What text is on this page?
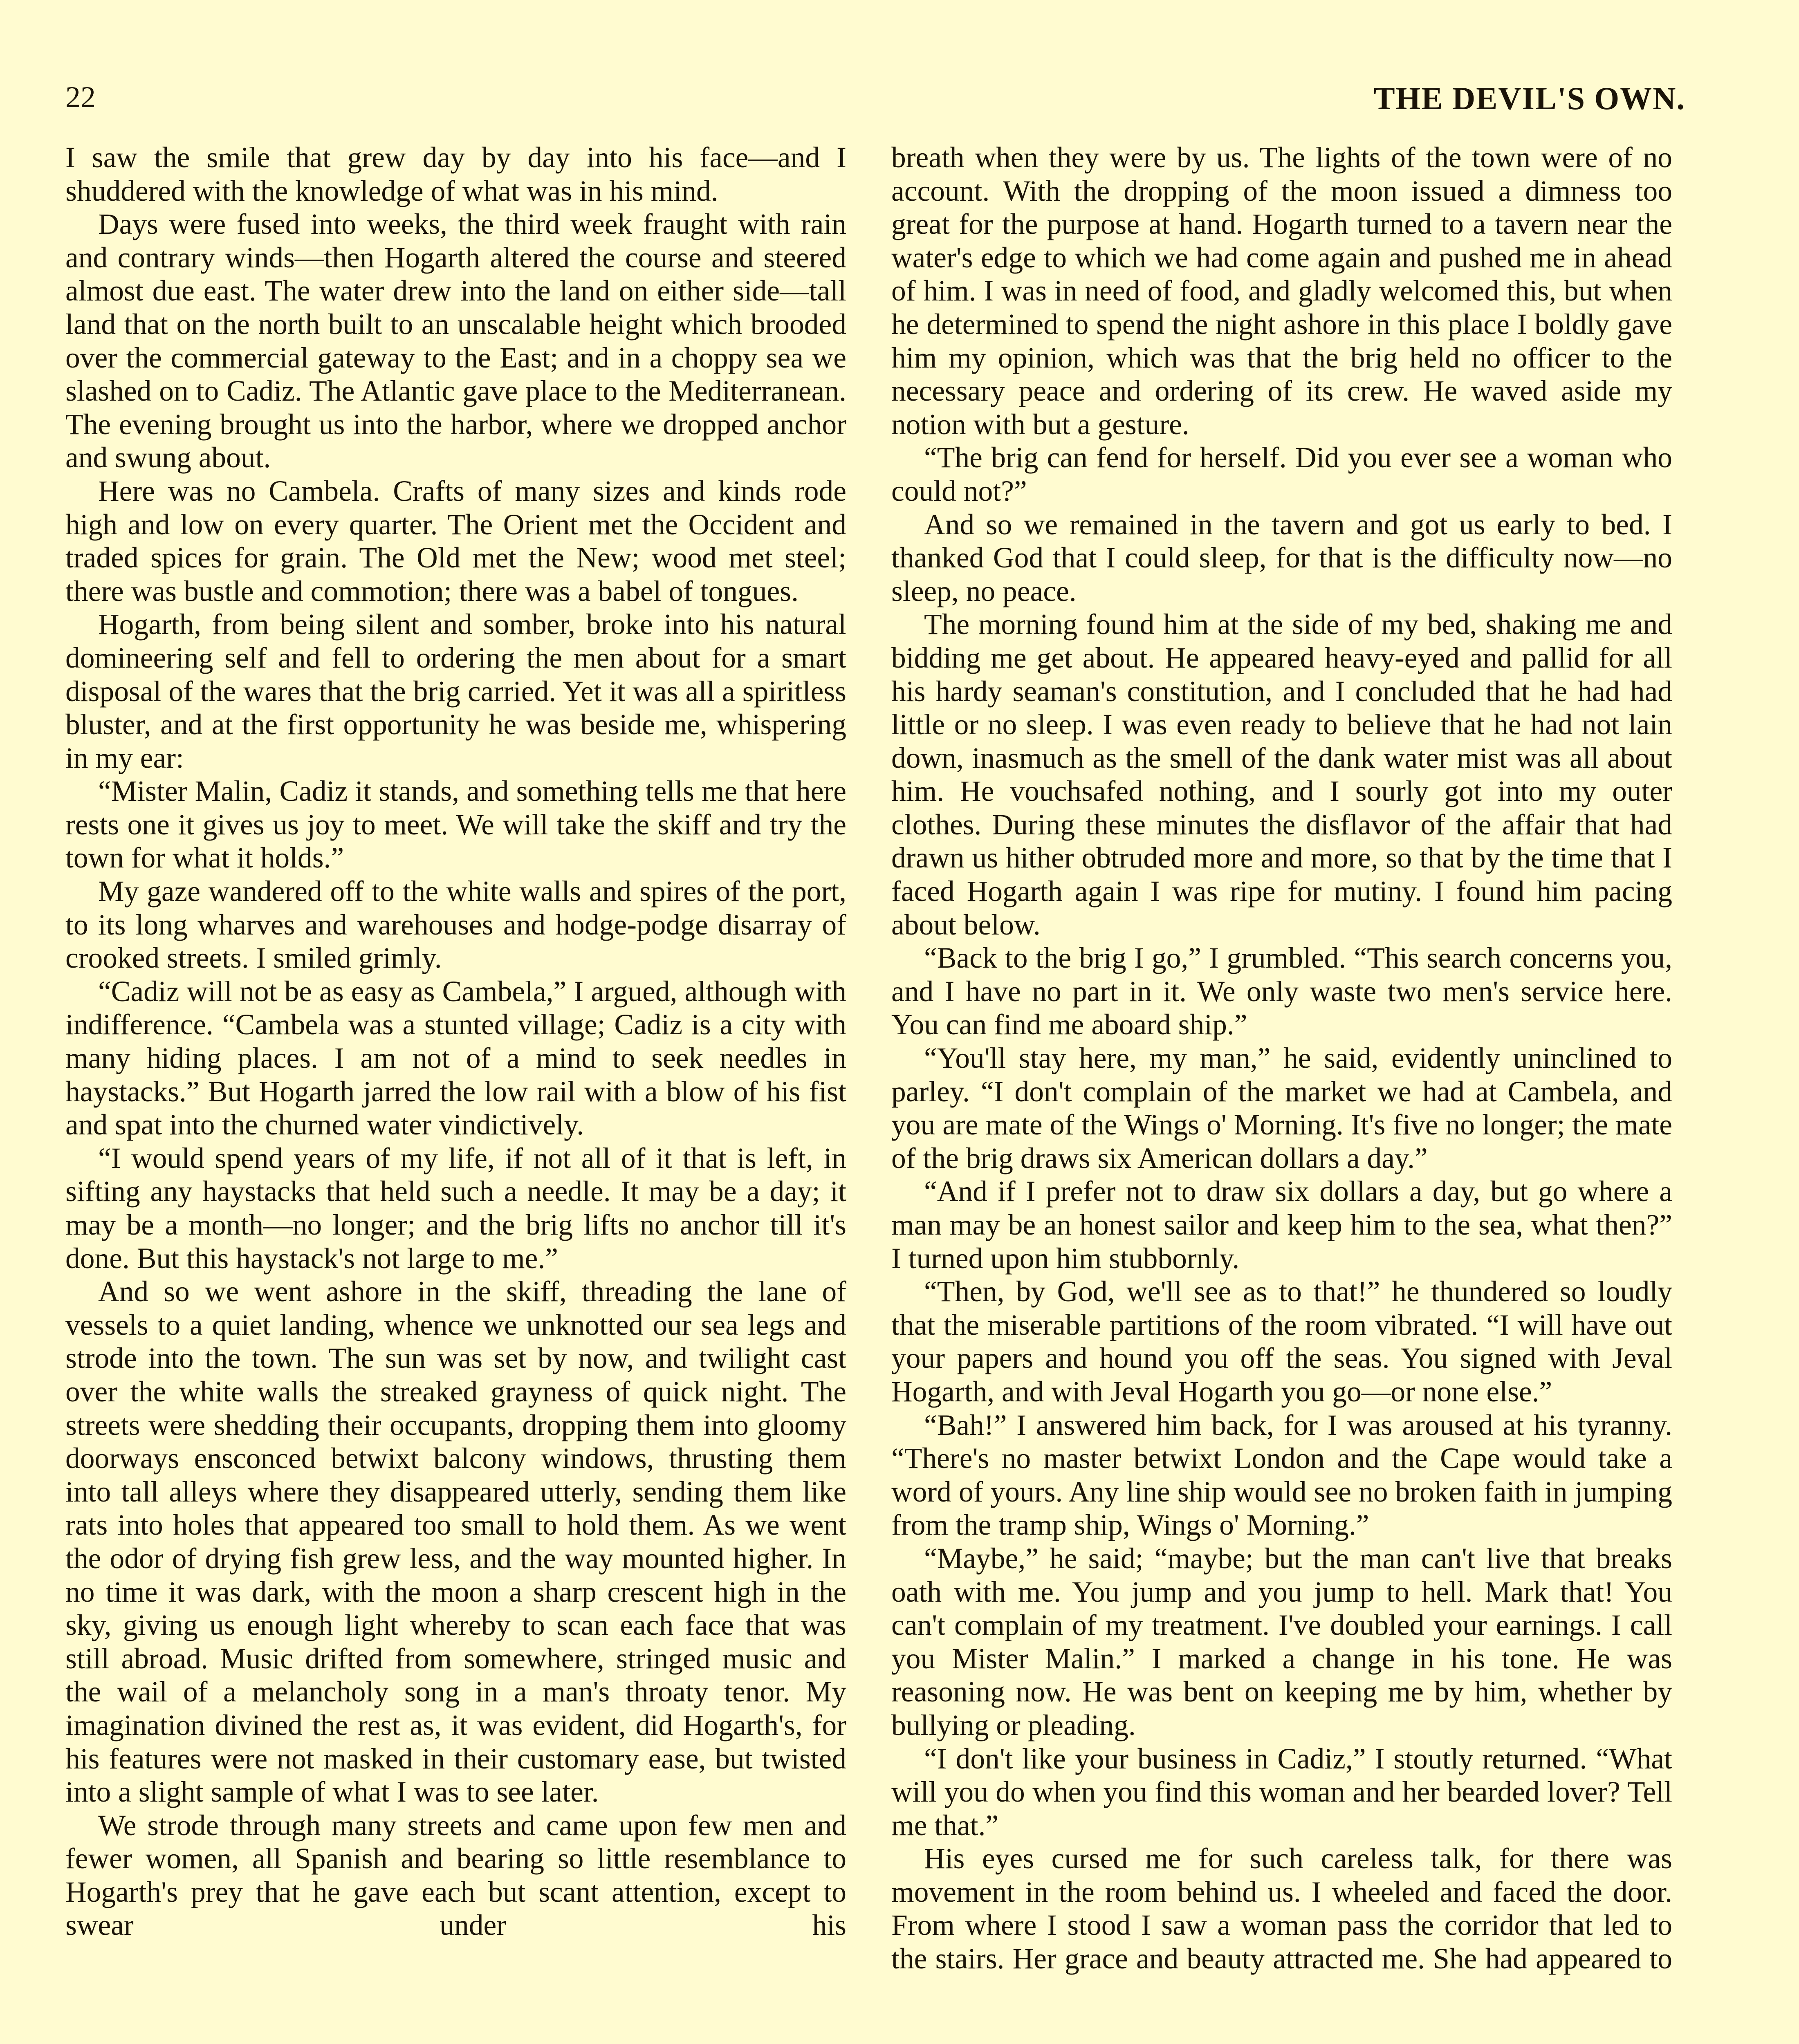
22	THE DEVIL'S OWN.

I saw the smile that grew day by day into his face—and I shuddered with the knowledge of what was in his mind.

Days were fused into weeks, the third week fraught with rain and contrary winds—then Hogarth altered the course and steered almost due east. The water drew into the land on either side—tall land that on the north built to an unscalable height which brooded over the commercial gateway to the East; and in a choppy sea we slashed on to Cadiz. The Atlantic gave place to the Mediterranean. The evening brought us into the harbor, where we dropped anchor and swung about.

Here was no Cambela. Crafts of many sizes and kinds rode high and low on every quarter. The Orient met the Occident and traded spices for grain. The Old met the New; wood met steel; there was bustle and commotion; there was a babel of tongues.

Hogarth, from being silent and somber, broke into his natural domineering self and fell to ordering the men about for a smart disposal of the wares that the brig carried. Yet it was all a spiritless bluster, and at the first opportunity he was beside me, whispering in my ear:

“Mister Malin, Cadiz it stands, and something tells me that here rests one it gives us joy to meet. We will take the skiff and try the town for what it holds.”

My gaze wandered off to the white walls and spires of the port, to its long wharves and warehouses and hodge-podge disarray of crooked streets. I smiled grimly.

“Cadiz will not be as easy as Cambela,” I argued, although with indifference. “Cambela was a stunted village; Cadiz is a city with many hiding places. I am not of a mind to seek needles in haystacks.” But Hogarth jarred the low rail with a blow of his fist and spat into the churned water vindictively.

“I would spend years of my life, if not all of it that is left, in sifting any haystacks that held such a needle. It may be a day; it may be a month—no longer; and the brig lifts no anchor till it's done. But this haystack's not large to me.”

And so we went ashore in the skiff, threading the lane of vessels to a quiet landing, whence we unknotted our sea legs and strode into the town. The sun was set by now, and twilight cast over the white walls the streaked grayness of quick night. The streets were shedding their occupants, dropping them into gloomy doorways ensconced betwixt balcony windows, thrusting them into tall alleys where they disappeared utterly, sending them like rats into holes that appeared too small to hold them. As we went the odor of drying fish grew less, and the way mounted higher. In no time it was dark, with the moon a sharp crescent high in the sky, giving us enough light whereby to scan each face that was still abroad. Music drifted from somewhere, stringed music and the wail of a melancholy song in a man's throaty tenor. My imagination divined the rest as, it was evident, did Hogarth's, for his features were not masked in their customary ease, but twisted into a slight sample of what I was to see later.

We strode through many streets and came upon few men and fewer women, all Spanish and bearing so little resemblance to Hogarth's prey that he gave each but scant attention, except to swear under his

breath when they were by us. The lights of the town were of no account. With the dropping of the moon issued a dimness too great for the purpose at hand. Hogarth turned to a tavern near the water's edge to which we had come again and pushed me in ahead of him. I was in need of food, and gladly welcomed this, but when he determined to spend the night ashore in this place I boldly gave him my opinion, which was that the brig held no officer to the necessary peace and ordering of its crew. He waved aside my notion with but a gesture.

“The brig can fend for herself. Did you ever see a woman who could not?”

And so we remained in the tavern and got us early to bed. I thanked God that I could sleep, for that is the difficulty now—no sleep, no peace.

The morning found him at the side of my bed, shaking me and bidding me get about. He appeared heavy-eyed and pallid for all his hardy seaman's constitution, and I concluded that he had had little or no sleep. I was even ready to believe that he had not lain down, inasmuch as the smell of the dank water mist was all about him. He vouchsafed nothing, and I sourly got into my outer clothes. During these minutes the disflavor of the affair that had drawn us hither obtruded more and more, so that by the time that I faced Hogarth again I was ripe for mutiny. I found him pacing about below.

“Back to the brig I go,” I grumbled. “This search concerns you, and I have no part in it. We only waste two men's service here. You can find me aboard ship.”

“You'll stay here, my man,” he said, evidently uninclined to parley. “I don't complain of the market we had at Cambela, and you are mate of the Wings o' Morning. It's five no longer; the mate of the brig draws six American dollars a day.”

“And if I prefer not to draw six dollars a day, but go where a man may be an honest sailor and keep him to the sea, what then?” I turned upon him stubbornly.

“Then, by God, we'll see as to that!” he thundered so loudly that the miserable partitions of the room vibrated. “I will have out your papers and hound you off the seas. You signed with Jeval Hogarth, and with Jeval Hogarth you go—or none else.”

“Bah!” I answered him back, for I was aroused at his tyranny. “There's no master betwixt London and the Cape would take a word of yours. Any line ship would see no broken faith in jumping from the tramp ship, Wings o' Morning.”

“Maybe,” he said; “maybe; but the man can't live that breaks oath with me. You jump and you jump to hell. Mark that! You can't complain of my treatment. I've doubled your earnings. I call you Mister Malin.” I marked a change in his tone. He was reasoning now. He was bent on keeping me by him, whether by bullying or pleading.

“I don't like your business in Cadiz,” I stoutly returned. “What will you do when you find this woman and her bearded lover? Tell me that.”

His eyes cursed me for such careless talk, for there was movement in the room behind us. I wheeled and faced the door. From where I stood I saw a woman pass the corridor that led to the stairs. Her grace and beauty attracted me. She had appeared to
